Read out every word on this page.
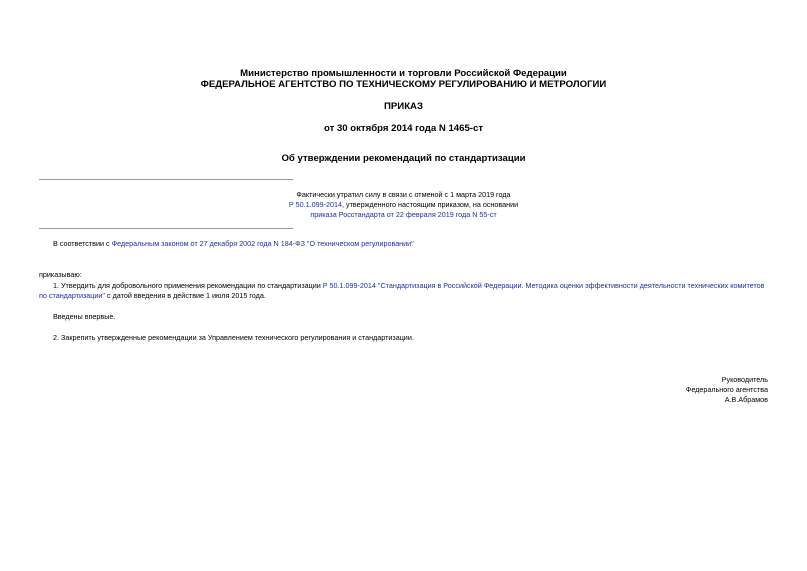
Министерство промышленности и торговли Российской Федерации
ФЕДЕРАЛЬНОЕ АГЕНТСТВО ПО ТЕХНИЧЕСКОМУ РЕГУЛИРОВАНИЮ И МЕТРОЛОГИИ
ПРИКАЗ
от 30 октября 2014 года N 1465-ст
Об утверждении рекомендаций по стандартизации
Фактически утратил силу в связи с отменой с 1 марта 2019 года
Р 50.1.099-2014, утвержденного настоящим приказом, на основании
приказа Росстандарта от 22 февраля 2019 года N 55-ст
В соответствии с Федеральным законом от 27 декабря 2002 года N 184-ФЗ "О техническом регулировании"
приказываю:
1. Утвердить для добровольного применения рекомендации по стандартизации Р 50.1.099-2014 "Стандартизация в Российской Федерации. Методика оценки эффективности деятельности технических комитетов
по стандартизации" с датой введения в действие 1 июля 2015 года.
Введены впервые.
2. Закрепить утвержденные рекомендации за Управлением технического регулирования и стандартизации.
Руководитель
Федерального агентства
А.В.Абрамов
